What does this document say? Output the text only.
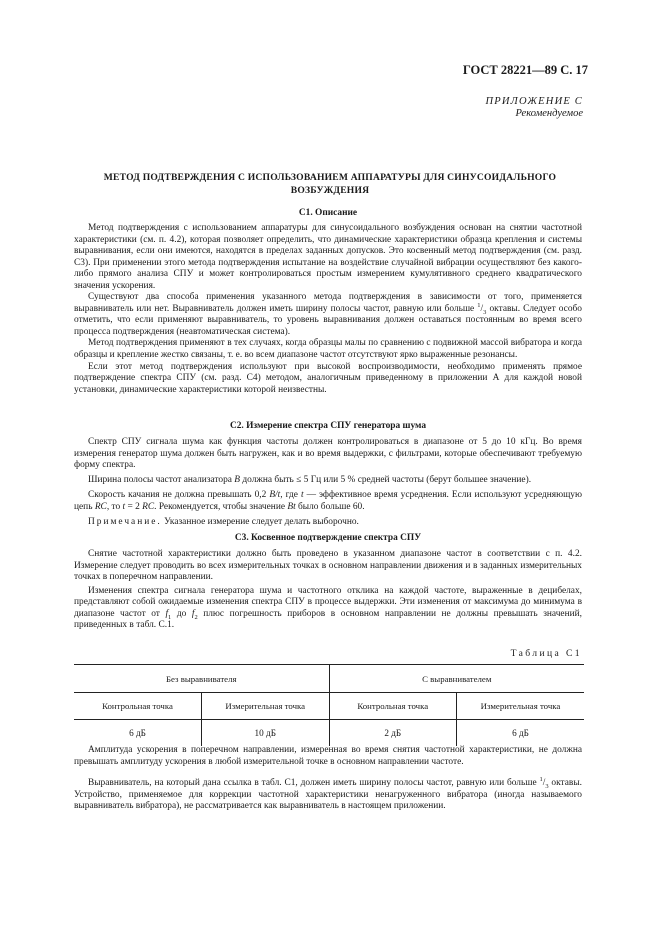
ГОСТ 28221—89 С. 17
ПРИЛОЖЕНИЕ С
Рекомендуемое
МЕТОД ПОДТВЕРЖДЕНИЯ С ИСПОЛЬЗОВАНИЕМ АППАРАТУРЫ ДЛЯ СИНУСОИДАЛЬНОГО
ВОЗБУЖДЕНИЯ
С1. Описание

Метод подтверждения с использованием аппаратуры для синусоидального возбуждения основан на снятии частотной характеристики (см. п. 4.2), которая позволяет определить, что динамические характеристики образца крепления и системы выравнивания, если они имеются, находятся в пределах заданных допусков. Это косвенный метод подтверждения (см. разд. С3). При применении этого метода подтверждения испытание на воздействие случайной вибрации осуществляют без какого-либо прямого анализа СПУ и может контролироваться простым измерением кумулятивного среднего квадратического значения ускорения.

Существуют два способа применения указанного метода подтверждения в зависимости от того, применяется выравниватель или нет. Выравниватель должен иметь ширину полосы частот, равную или больше $^1/_3$ октавы. Следует особо отметить, что если применяют выравниватель, то уровень выравнивания должен оставаться постоянным во время всего процесса подтверждения (неавтоматическая система).

Метод подтверждения применяют в тех случаях, когда образцы малы по сравнению с подвижной массой вибратора и когда образцы и крепление жестко связаны, т. е. во всем диапазоне частот отсутствуют ярко выраженные резонансы.

Если этот метод подтверждения используют при высокой воспроизводимости, необходимо применять прямое подтверждение спектра СПУ (см. разд. С4) методом, аналогичным приведенному в приложении А для каждой новой установки, динамические характеристики которой неизвестны.

С2. Измерение спектра СПУ генератора шума

Спектр СПУ сигнала шума как функция частоты должен контролироваться в диапазоне от 5 до 10 кГц. Во время измерения генератор шума должен быть нагружен, как и во время выдержки, с фильтрами, которые обеспечивают требуемую форму спектра.

Ширина полосы частот анализатора B должна быть ≤ 5 Гц или 5 % средней частоты (берут большее значение).

Скорость качания не должна превышать 0,2 B/t, где t — эффективное время усреднения. Если используют усредняющую цепь RC, то t = 2 RC. Рекомендуется, чтобы значение Bt было больше 60.

Примечание. Указанное измерение следует делать выборочно.

С3. Косвенное подтверждение спектра СПУ

Снятие частотной характеристики должно быть проведено в указанном диапазоне частот в соответствии с п. 4.2. Измерение следует проводить во всех измерительных точках в основном направлении движения и в заданных измерительных точках в поперечном направлении.

Изменения спектра сигнала генератора шума и частотного отклика на каждой частоте, выраженные в децибелах, представляют собой ожидаемые изменения спектра СПУ в процессе выдержки. Эти изменения от максимума до минимума в диапазоне частот от $f_1$ до $f_2$ плюс погрешность приборов в основном направлении не должны превышать значений, приведенных в табл. С.1.

Таблица С1
Без выравнивателя		С выравнивателем	
Контрольная точка	Измерительная точка	Контрольная точка	Измерительная точка
6 дБ	10 дБ	2 дБ	6 дБ

Амплитуда ускорения в поперечном направлении, измеренная во время снятия частотной характеристики, не должна превышать амплитуду ускорения в любой измерительной точке в основном направлении частоте.

Выравниватель, на который дана ссылка в табл. С1, должен иметь ширину полосы частот, равную или больше $^1/_3$ октавы. Устройство, применяемое для коррекции частотной характеристики ненагруженного вибратора (иногда называемого выравниватель вибратора), не рассматривается как выравниватель в настоящем приложении.
